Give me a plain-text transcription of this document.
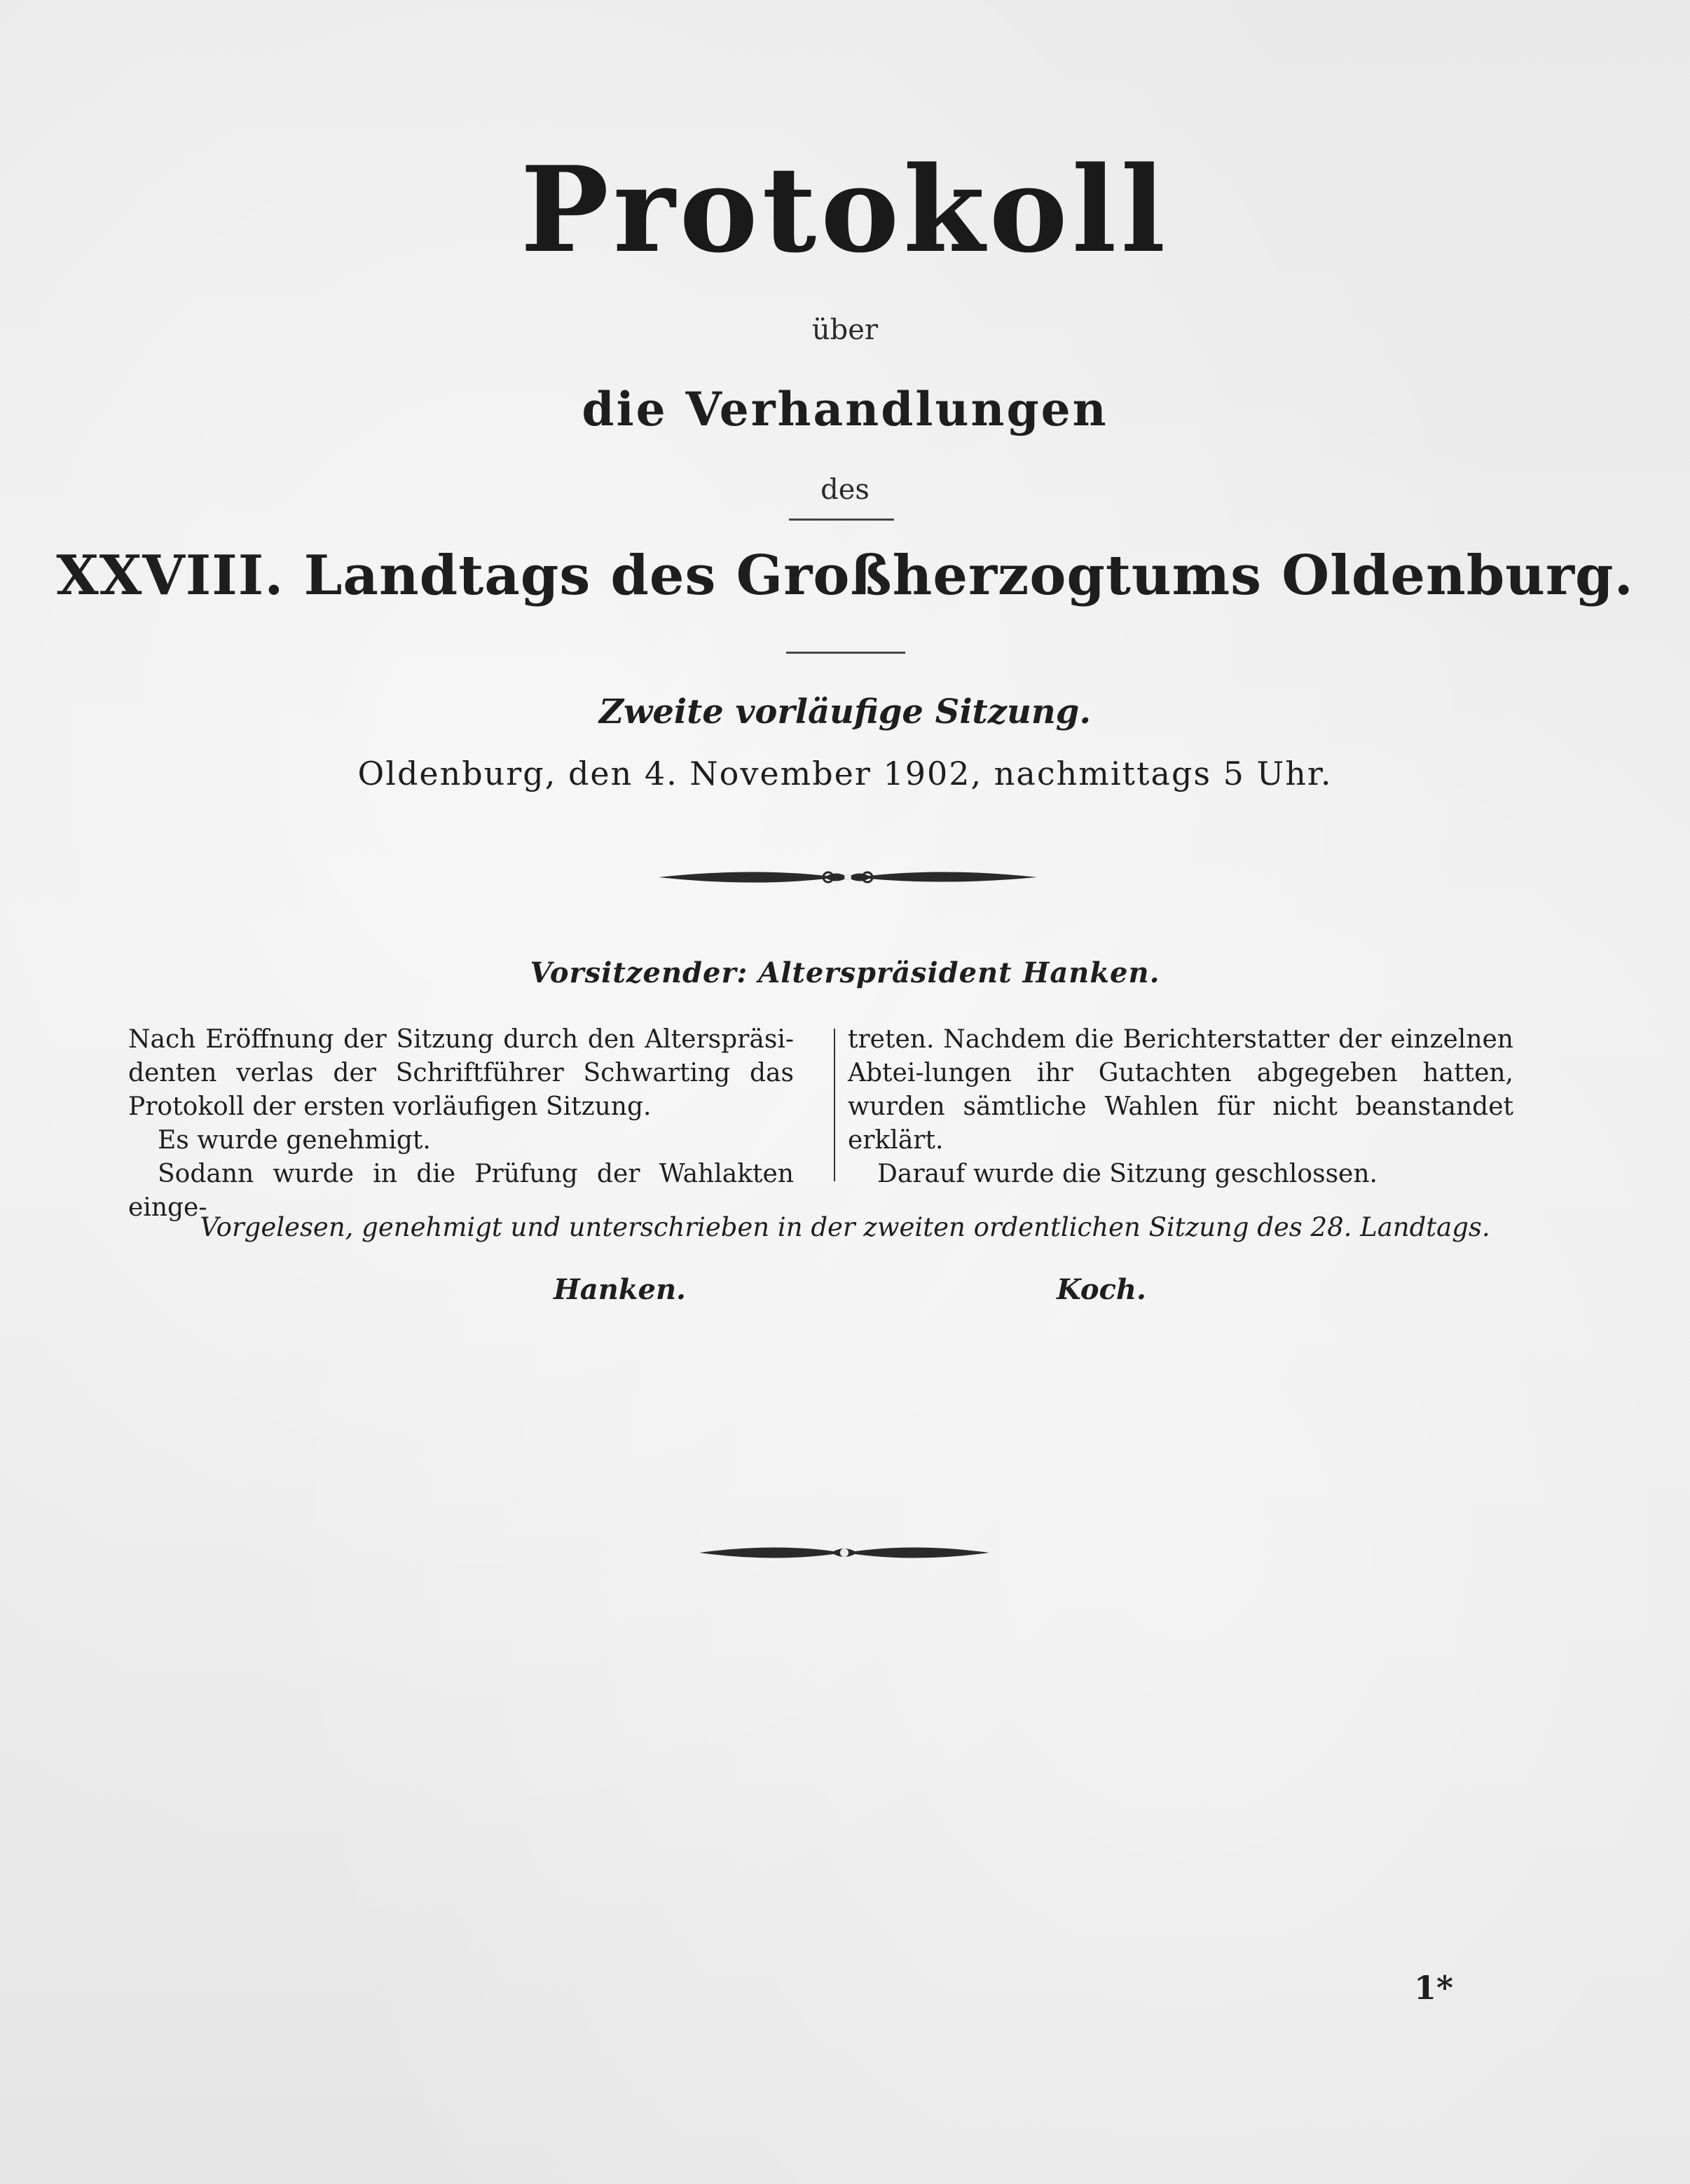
Protokoll
über
die Verhandlungen
des
XXVIII. Landtags des Großherzogtums Oldenburg.
Zweite vorläufige Sitzung.
Oldenburg, den 4. November 1902, nachmittags 5 Uhr.
Vorsitzender: Alterspräsident Hanken.

Nach Eröffnung der Sitzung durch den Alterspräsi-denten verlas der Schriftführer Schwarting das Protokoll der ersten vorläufigen Sitzung.

Es wurde genehmigt.

Sodann wurde in die Prüfung der Wahlakten einge-

treten. Nachdem die Berichterstatter der einzelnen Abtei-lungen ihr Gutachten abgegeben hatten, wurden sämtliche Wahlen für nicht beanstandet erklärt.

Darauf wurde die Sitzung geschlossen.

Vorgelesen, genehmigt und unterschrieben in der zweiten ordentlichen Sitzung des 28. Landtags.
Hanken.	Koch.
1*
